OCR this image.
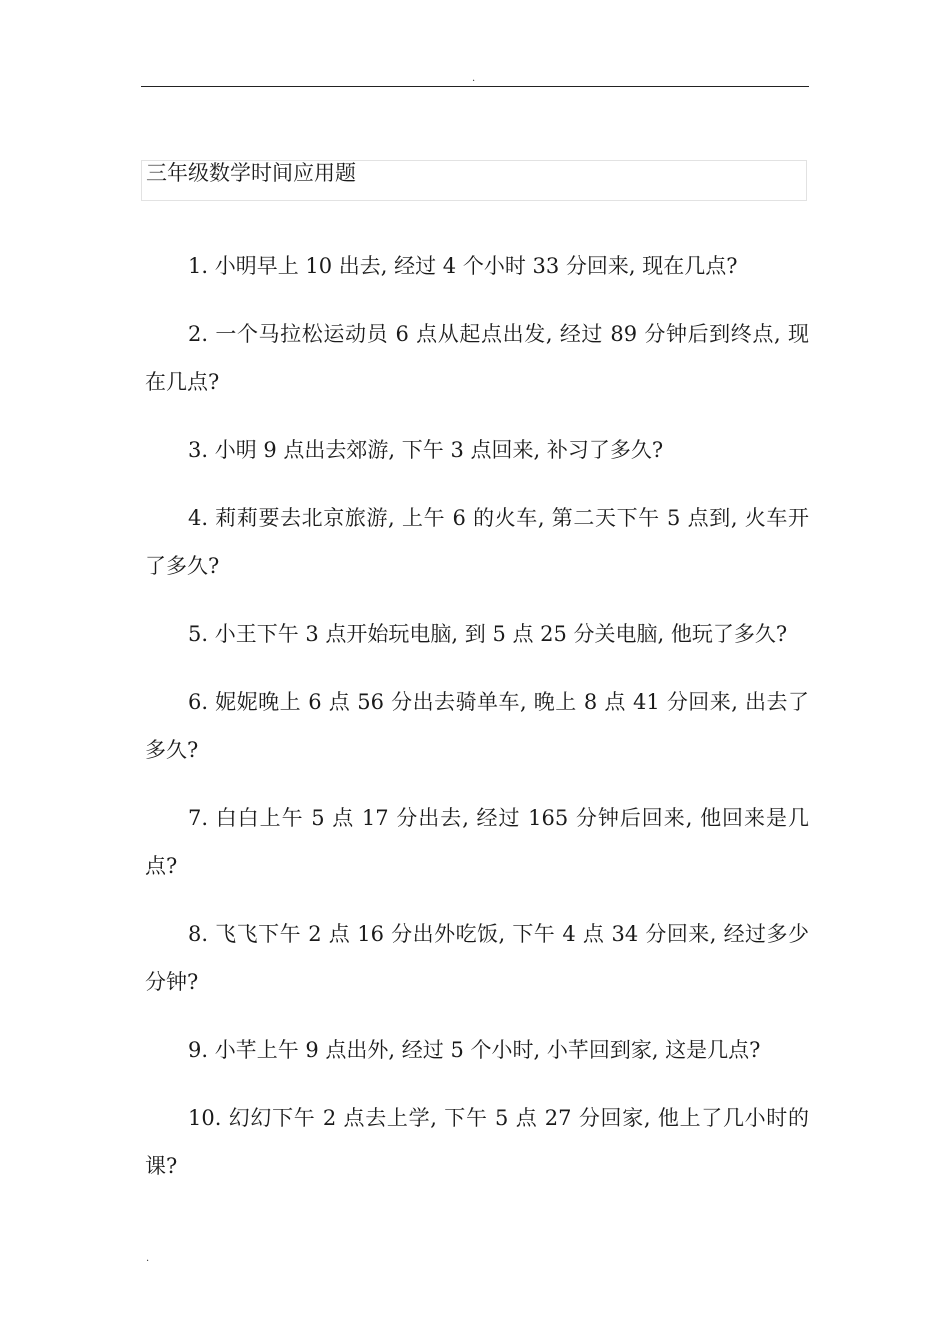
.
三年级数学时间应用题

1. 小明早上 10 出去, 经过 4 个小时 33 分回来, 现在几点?

2. 一个马拉松运动员 6 点从起点出发, 经过 89 分钟后到终点, 现在几点?

3. 小明 9 点出去郊游, 下午 3 点回来, 补习了多久?

4. 莉莉要去北京旅游, 上午 6 的火车, 第二天下午 5 点到, 火车开了多久?

5. 小王下午 3 点开始玩电脑, 到 5 点 25 分关电脑, 他玩了多久?

6. 妮妮晚上 6 点 56 分出去骑单车, 晚上 8 点 41 分回来, 出去了多久?

7. 白白上午 5 点 17 分出去, 经过 165 分钟后回来, 他回来是几点?

8. 飞飞下午 2 点 16 分出外吃饭, 下午 4 点 34 分回来, 经过多少分钟?

9. 小芊上午 9 点出外, 经过 5 个小时, 小芊回到家, 这是几点?

10. 幻幻下午 2 点去上学, 下午 5 点 27 分回家, 他上了几小时的课?

.
